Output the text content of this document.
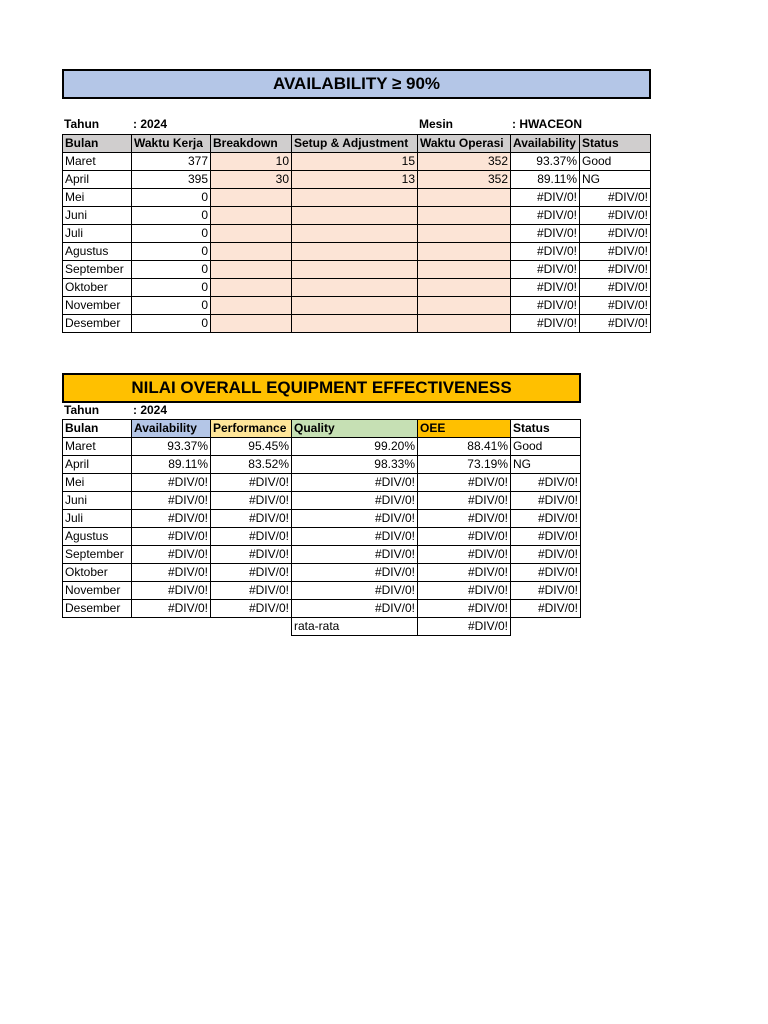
AVAILABILITY ≥ 90%
Tahun	: 2024	Mesin	: HWACEON
Bulan	Waktu Kerja	Breakdown	Setup & Adjustment	Waktu Operasi	Availability	Status
Maret	377	10	15	352	93.37%	Good
April	395	30	13	352	89.11%	NG
Mei	0				#DIV/0!	#DIV/0!
Juni	0				#DIV/0!	#DIV/0!
Juli	0				#DIV/0!	#DIV/0!
Agustus	0				#DIV/0!	#DIV/0!
September	0				#DIV/0!	#DIV/0!
Oktober	0				#DIV/0!	#DIV/0!
November	0				#DIV/0!	#DIV/0!
Desember	0				#DIV/0!	#DIV/0!
NILAI OVERALL EQUIPMENT EFFECTIVENESS
Tahun	: 2024
Bulan	Availability	Performance	Quality	OEE	Status
Maret	93.37%	95.45%	99.20%	88.41%	Good
April	89.11%	83.52%	98.33%	73.19%	NG
Mei	#DIV/0!	#DIV/0!	#DIV/0!	#DIV/0!	#DIV/0!
Juni	#DIV/0!	#DIV/0!	#DIV/0!	#DIV/0!	#DIV/0!
Juli	#DIV/0!	#DIV/0!	#DIV/0!	#DIV/0!	#DIV/0!
Agustus	#DIV/0!	#DIV/0!	#DIV/0!	#DIV/0!	#DIV/0!
September	#DIV/0!	#DIV/0!	#DIV/0!	#DIV/0!	#DIV/0!
Oktober	#DIV/0!	#DIV/0!	#DIV/0!	#DIV/0!	#DIV/0!
November	#DIV/0!	#DIV/0!	#DIV/0!	#DIV/0!	#DIV/0!
Desember	#DIV/0!	#DIV/0!	#DIV/0!	#DIV/0!	#DIV/0!
			rata-rata	#DIV/0!	
